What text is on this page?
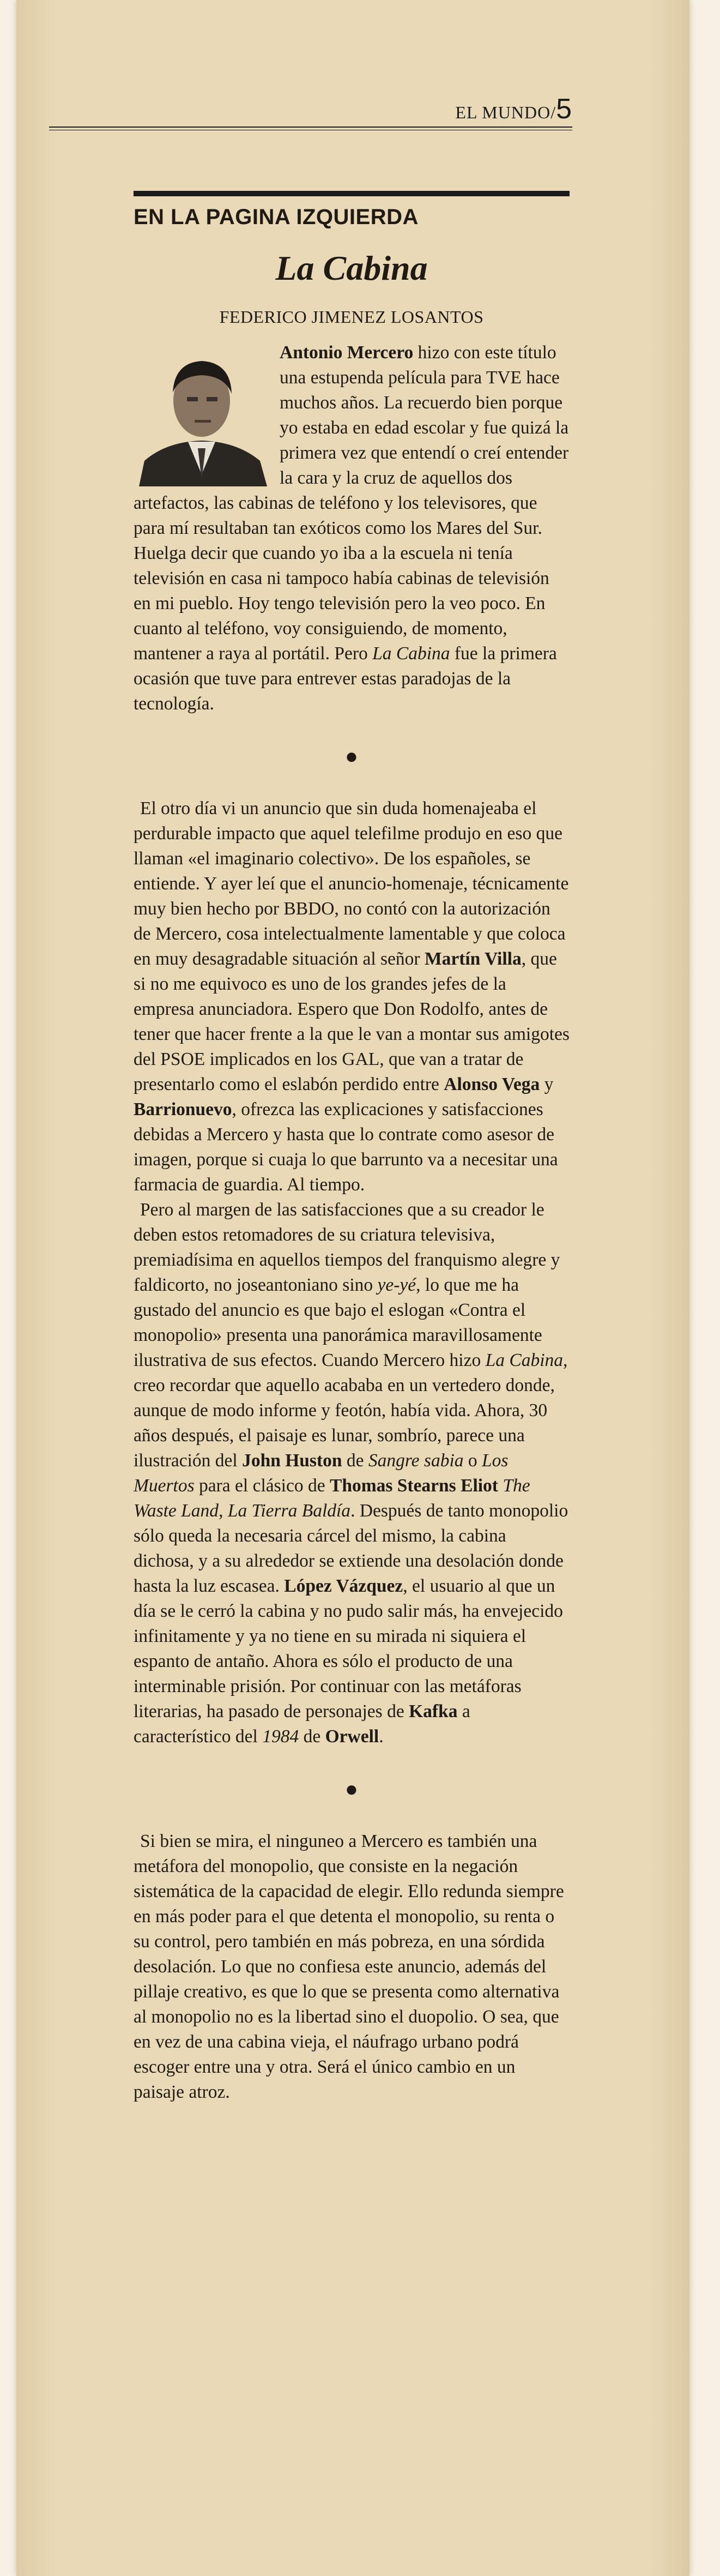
EL MUNDO/5
EN LA PAGINA IZQUIERDA
La Cabina
FEDERICO JIMENEZ LOSANTOS

Antonio Mercero hizo con este título una estupenda película para TVE hace muchos años. La recuerdo bien porque yo estaba en edad escolar y fue quizá la primera vez que entendí o creí entender la cara y la cruz de aquellos dos artefactos, las cabinas de teléfono y los televisores, que para mí resultaban tan exóticos como los Mares del Sur. Huelga decir que cuando yo iba a la escuela ni tenía televisión en casa ni tampoco había cabinas de televisión en mi pueblo. Hoy tengo televisión pero la veo poco. En cuanto al teléfono, voy consiguiendo, de momento, mantener a raya al portátil. Pero La Cabina fue la primera ocasión que tuve para entrever estas paradojas de la tecnología.

●

El otro día vi un anuncio que sin duda homenajeaba el perdurable impacto que aquel telefilme produjo en eso que llaman «el imaginario colectivo». De los españoles, se entiende. Y ayer leí que el anuncio-homenaje, técnicamente muy bien hecho por BBDO, no contó con la autorización de Mercero, cosa intelectualmente lamentable y que coloca en muy desagradable situación al señor Martín Villa, que si no me equivoco es uno de los grandes jefes de la empresa anunciadora. Espero que Don Rodolfo, antes de tener que hacer frente a la que le van a montar sus amigotes del PSOE implicados en los GAL, que van a tratar de presentarlo como el eslabón perdido entre Alonso Vega y Barrionuevo, ofrezca las explicaciones y satisfacciones debidas a Mercero y hasta que lo contrate como asesor de imagen, porque si cuaja lo que barrunto va a necesitar una farmacia de guardia. Al tiempo.

Pero al margen de las satisfacciones que a su creador le deben estos retomadores de su criatura televisiva, premiadísima en aquellos tiempos del franquismo alegre y faldicorto, no joseantoniano sino ye-yé, lo que me ha gustado del anuncio es que bajo el eslogan «Contra el monopolio» presenta una panorámica maravillosamente ilustrativa de sus efectos. Cuando Mercero hizo La Cabina, creo recordar que aquello acababa en un vertedero donde, aunque de modo informe y feotón, había vida. Ahora, 30 años después, el paisaje es lunar, sombrío, parece una ilustración del John Huston de Sangre sabia o Los Muertos para el clásico de Thomas Stearns Eliot The Waste Land, La Tierra Baldía. Después de tanto monopolio sólo queda la necesaria cárcel del mismo, la cabina dichosa, y a su alrededor se extiende una desolación donde hasta la luz escasea. López Vázquez, el usuario al que un día se le cerró la cabina y no pudo salir más, ha envejecido infinitamente y ya no tiene en su mirada ni siquiera el espanto de antaño. Ahora es sólo el producto de una interminable prisión. Por continuar con las metáforas literarias, ha pasado de personajes de Kafka a característico del 1984 de Orwell.

●

Si bien se mira, el ninguneo a Mercero es también una metáfora del monopolio, que consiste en la negación sistemática de la capacidad de elegir. Ello redunda siempre en más poder para el que detenta el monopolio, su renta o su control, pero también en más pobreza, en una sórdida desolación. Lo que no confiesa este anuncio, además del pillaje creativo, es que lo que se presenta como alternativa al monopolio no es la libertad sino el duopolio. O sea, que en vez de una cabina vieja, el náufrago urbano podrá escoger entre una y otra. Será el único cambio en un paisaje atroz.
